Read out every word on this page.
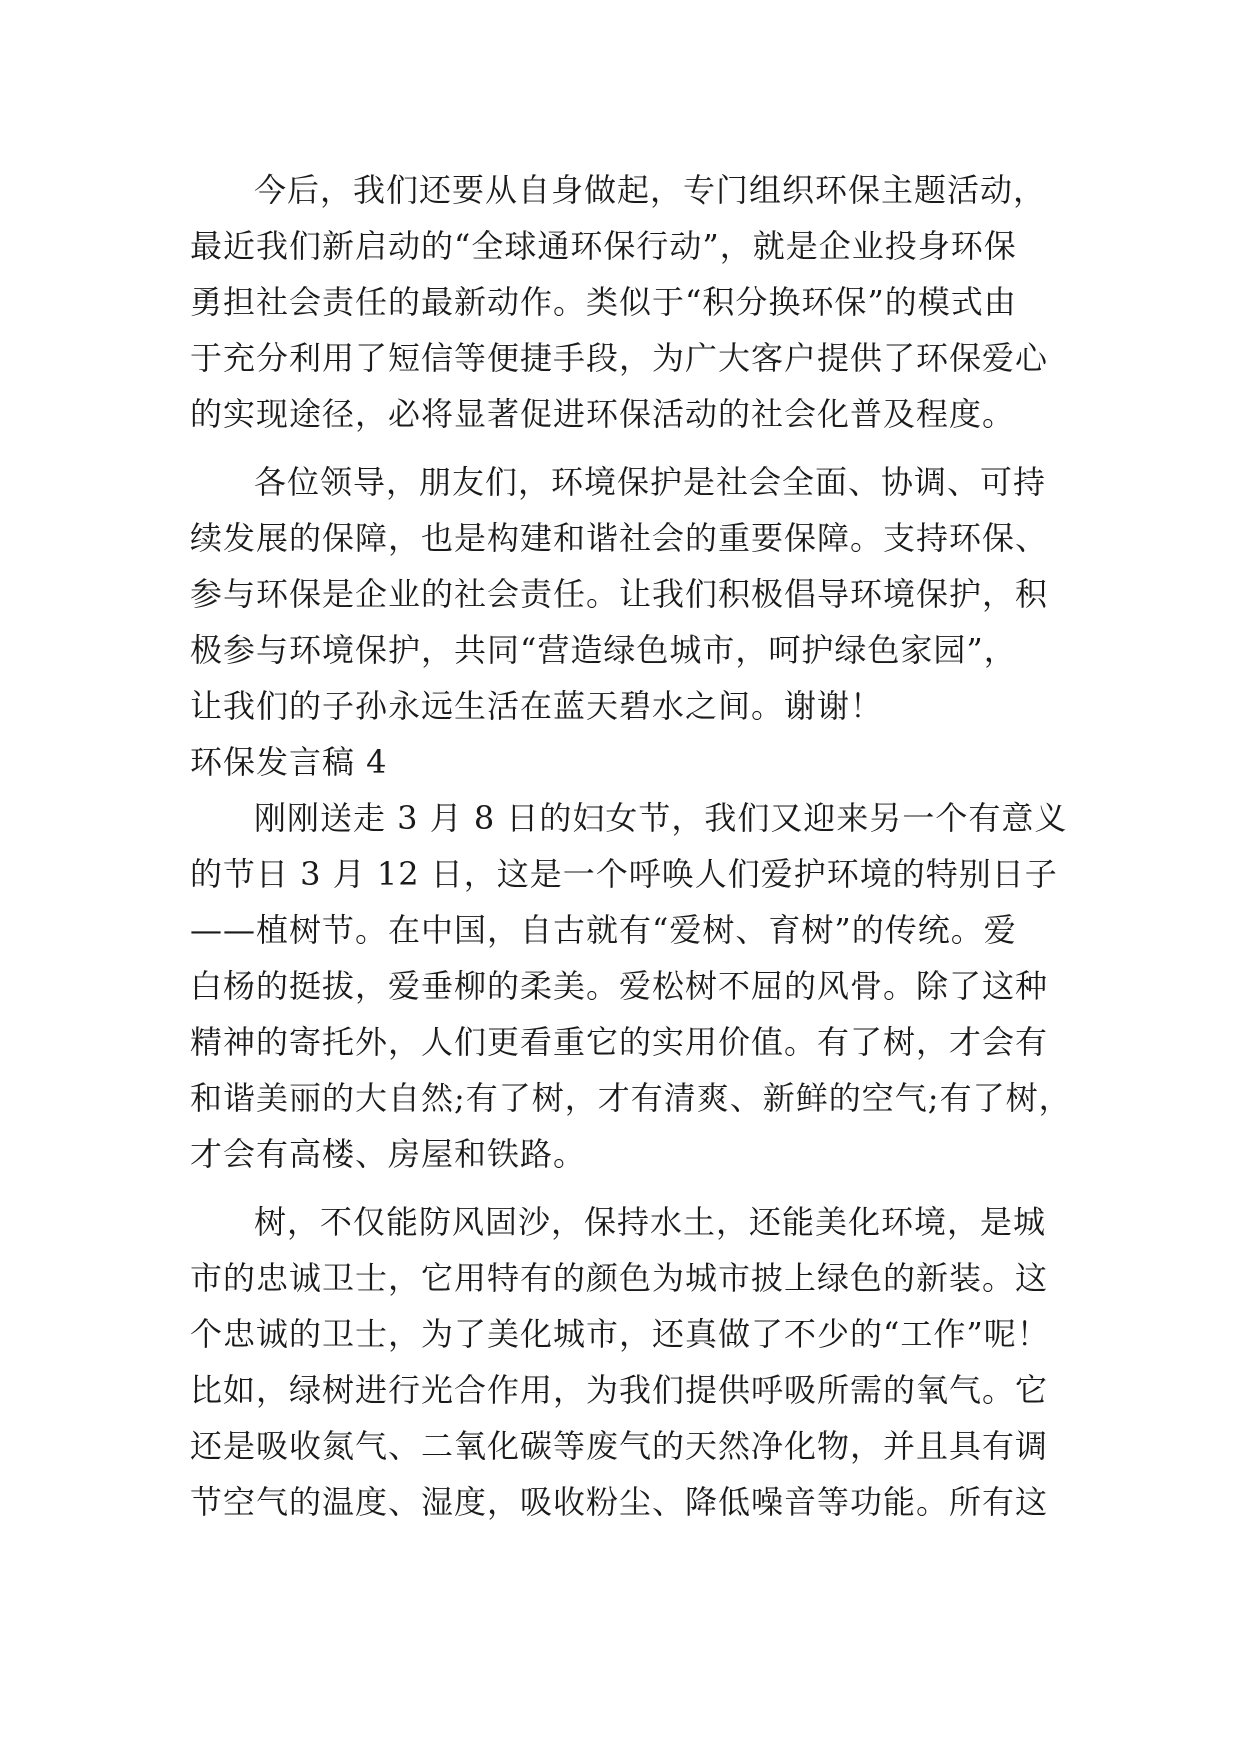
今后，我们还要从自身做起，专门组织环保主题活动，
最近我们新启动的“全球通环保行动”，就是企业投身环保
勇担社会责任的最新动作。类似于“积分换环保”的模式由
于充分利用了短信等便捷手段，为广大客户提供了环保爱心
的实现途径，必将显著促进环保活动的社会化普及程度。
各位领导，朋友们，环境保护是社会全面、协调、可持
续发展的保障，也是构建和谐社会的重要保障。支持环保、
参与环保是企业的社会责任。让我们积极倡导环境保护，积
极参与环境保护，共同“营造绿色城市，呵护绿色家园”，
让我们的子孙永远生活在蓝天碧水之间。谢谢！
环保发言稿 4
刚刚送走 3 月 8 日的妇女节，我们又迎来另一个有意义
的节日 3 月 12 日，这是一个呼唤人们爱护环境的特别日子
——植树节。在中国，自古就有“爱树、育树”的传统。爱
白杨的挺拔，爱垂柳的柔美。爱松树不屈的风骨。除了这种
精神的寄托外，人们更看重它的实用价值。有了树，才会有
和谐美丽的大自然;有了树，才有清爽、新鲜的空气;有了树，
才会有高楼、房屋和铁路。
树，不仅能防风固沙，保持水土，还能美化环境，是城
市的忠诚卫士，它用特有的颜色为城市披上绿色的新装。这
个忠诚的卫士，为了美化城市，还真做了不少的“工作”呢！
比如，绿树进行光合作用，为我们提供呼吸所需的氧气。它
还是吸收氮气、二氧化碳等废气的天然净化物，并且具有调
节空气的温度、湿度，吸收粉尘、降低噪音等功能。所有这
